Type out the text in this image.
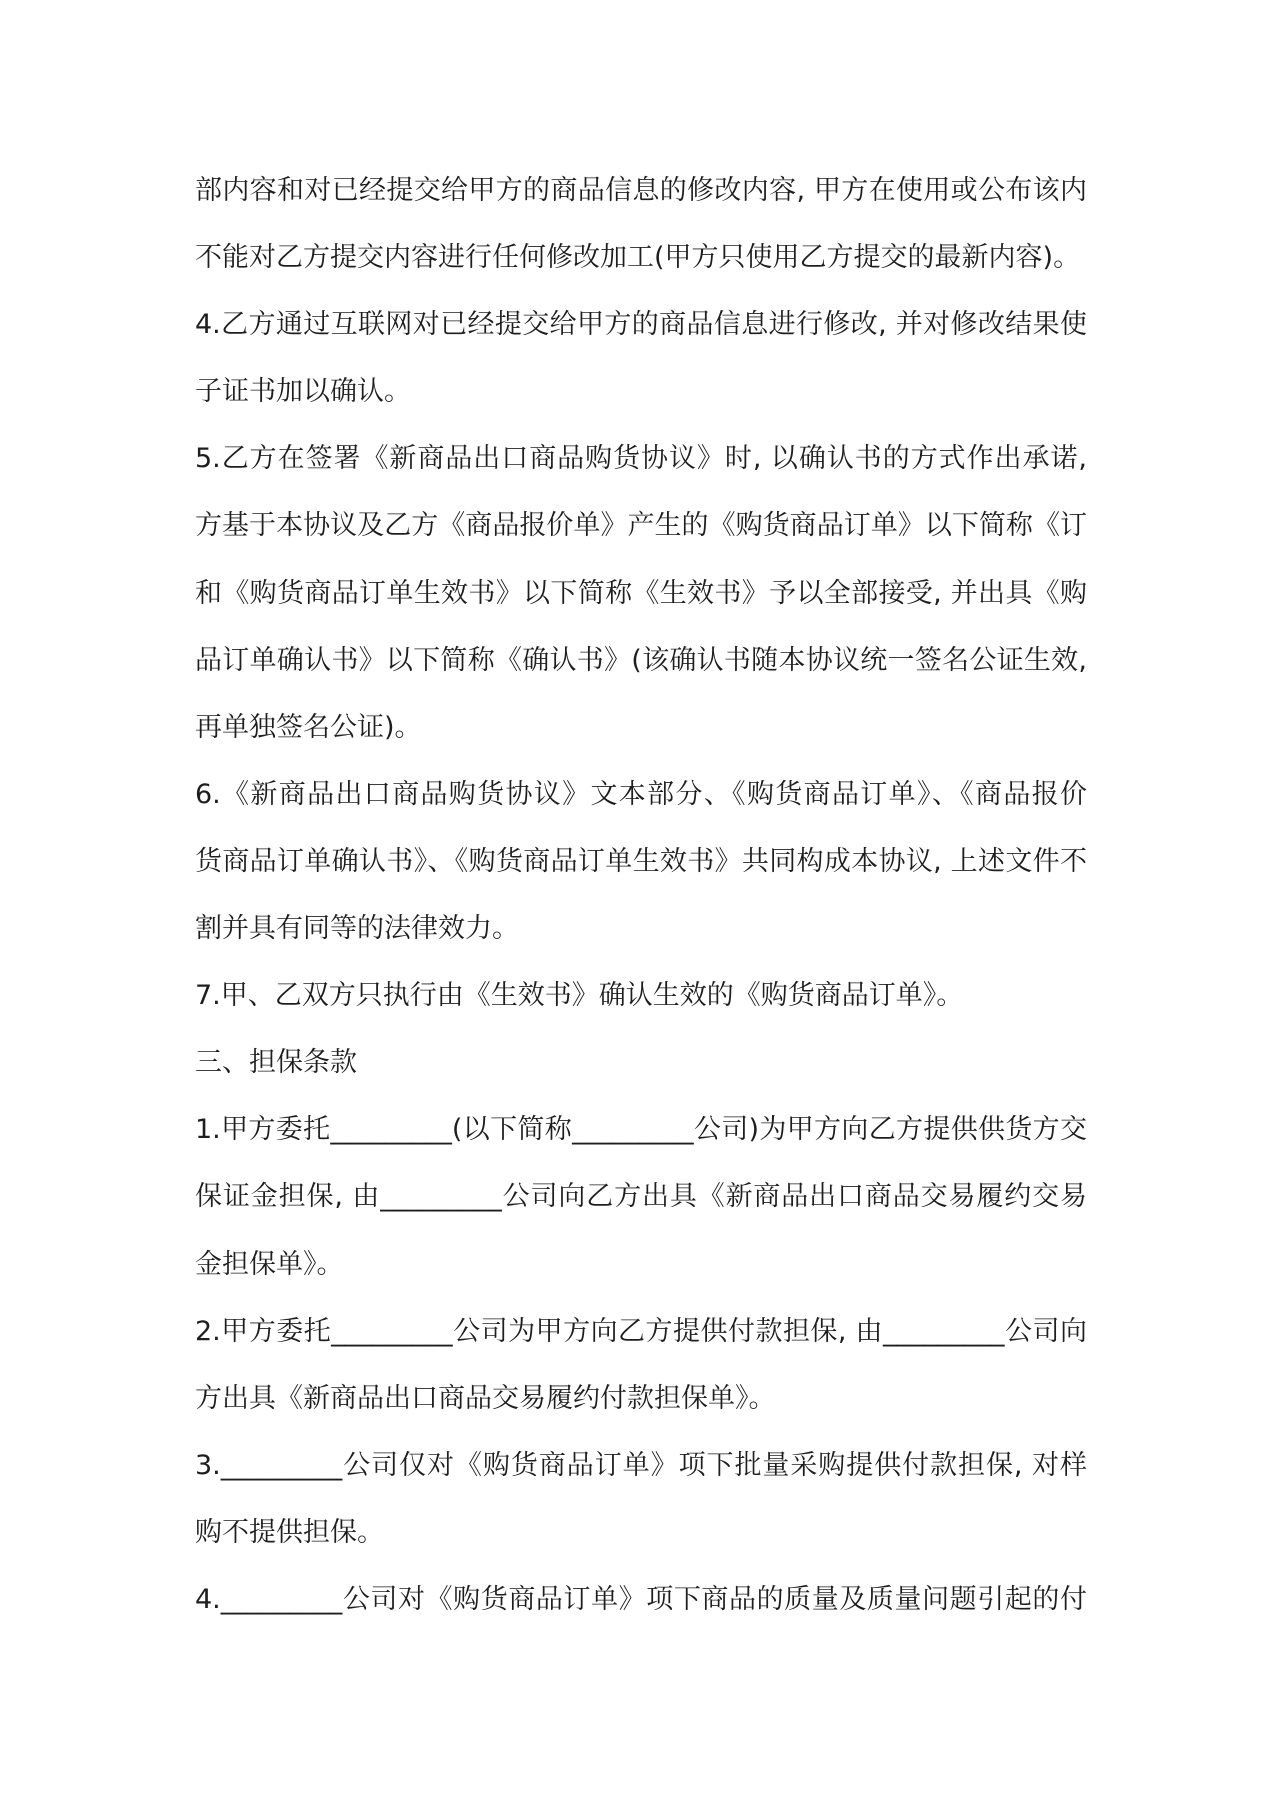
部内容和对已经提交给甲方的商品信息的修改内容, 甲方在使用或公布该内
不能对乙方提交内容进行任何修改加工(甲方只使用乙方提交的最新内容)。
4.乙方通过互联网对已经提交给甲方的商品信息进行修改, 并对修改结果使
子证书加以确认。
5.乙方在签署《新商品出口商品购货协议》时, 以确认书的方式作出承诺,
方基于本协议及乙方《商品报价单》产生的《购货商品订单》以下简称《订
和《购货商品订单生效书》以下简称《生效书》予以全部接受, 并出具《购
品订单确认书》以下简称《确认书》(该确认书随本协议统一签名公证生效,
再单独签名公证)。
6.《新商品出口商品购货协议》文本部分、《购货商品订单》、《商品报价
货商品订单确认书》、《购货商品订单生效书》共同构成本协议, 上述文件不
割并具有同等的法律效力。
7.甲、乙双方只执行由《生效书》确认生效的《购货商品订单》。
三、担保条款
1.甲方委托_________(以下简称_________公司)为甲方向乙方提供供货方交
保证金担保, 由_________公司向乙方出具《新商品出口商品交易履约交易
金担保单》。
2.甲方委托_________公司为甲方向乙方提供付款担保, 由_________公司向
方出具《新商品出口商品交易履约付款担保单》。
3._________公司仅对《购货商品订单》项下批量采购提供付款担保, 对样
购不提供担保。
4._________公司对《购货商品订单》项下商品的质量及质量问题引起的付
